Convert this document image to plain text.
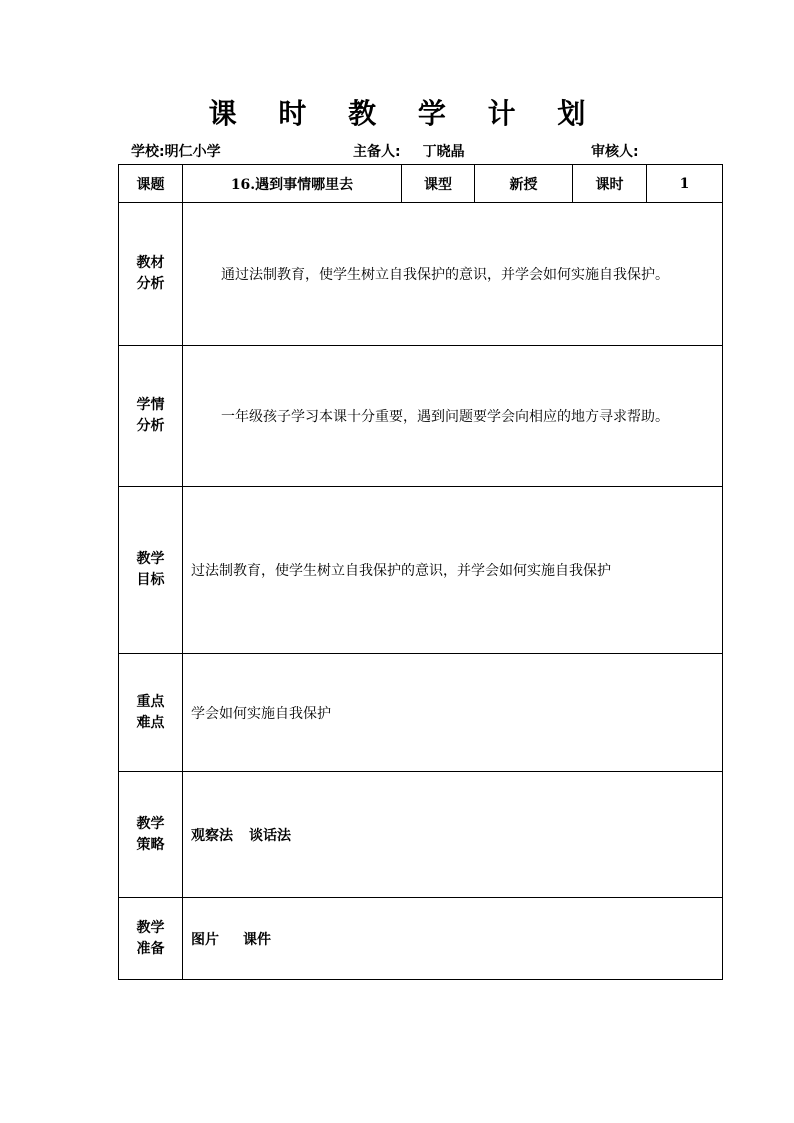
课 时 教 学 计 划
学校:明仁小学	主备人: 丁晓晶	审核人:
课题	16.遇到事情哪里去	课型	新授	课时	1

教材
分析	通过法制教育，使学生树立自我保护的意识，并学会如何实施自我保护。				

学情
分析	一年级孩子学习本课十分重要，遇到问题要学会向相应的地方寻求帮助。				

教学
目标	过法制教育，使学生树立自我保护的意识，并学会如何实施自我保护				

重点
难点	学会如何实施自我保护				

教学
策略	观察法 谈话法				

教学
准备	图片 课件				
